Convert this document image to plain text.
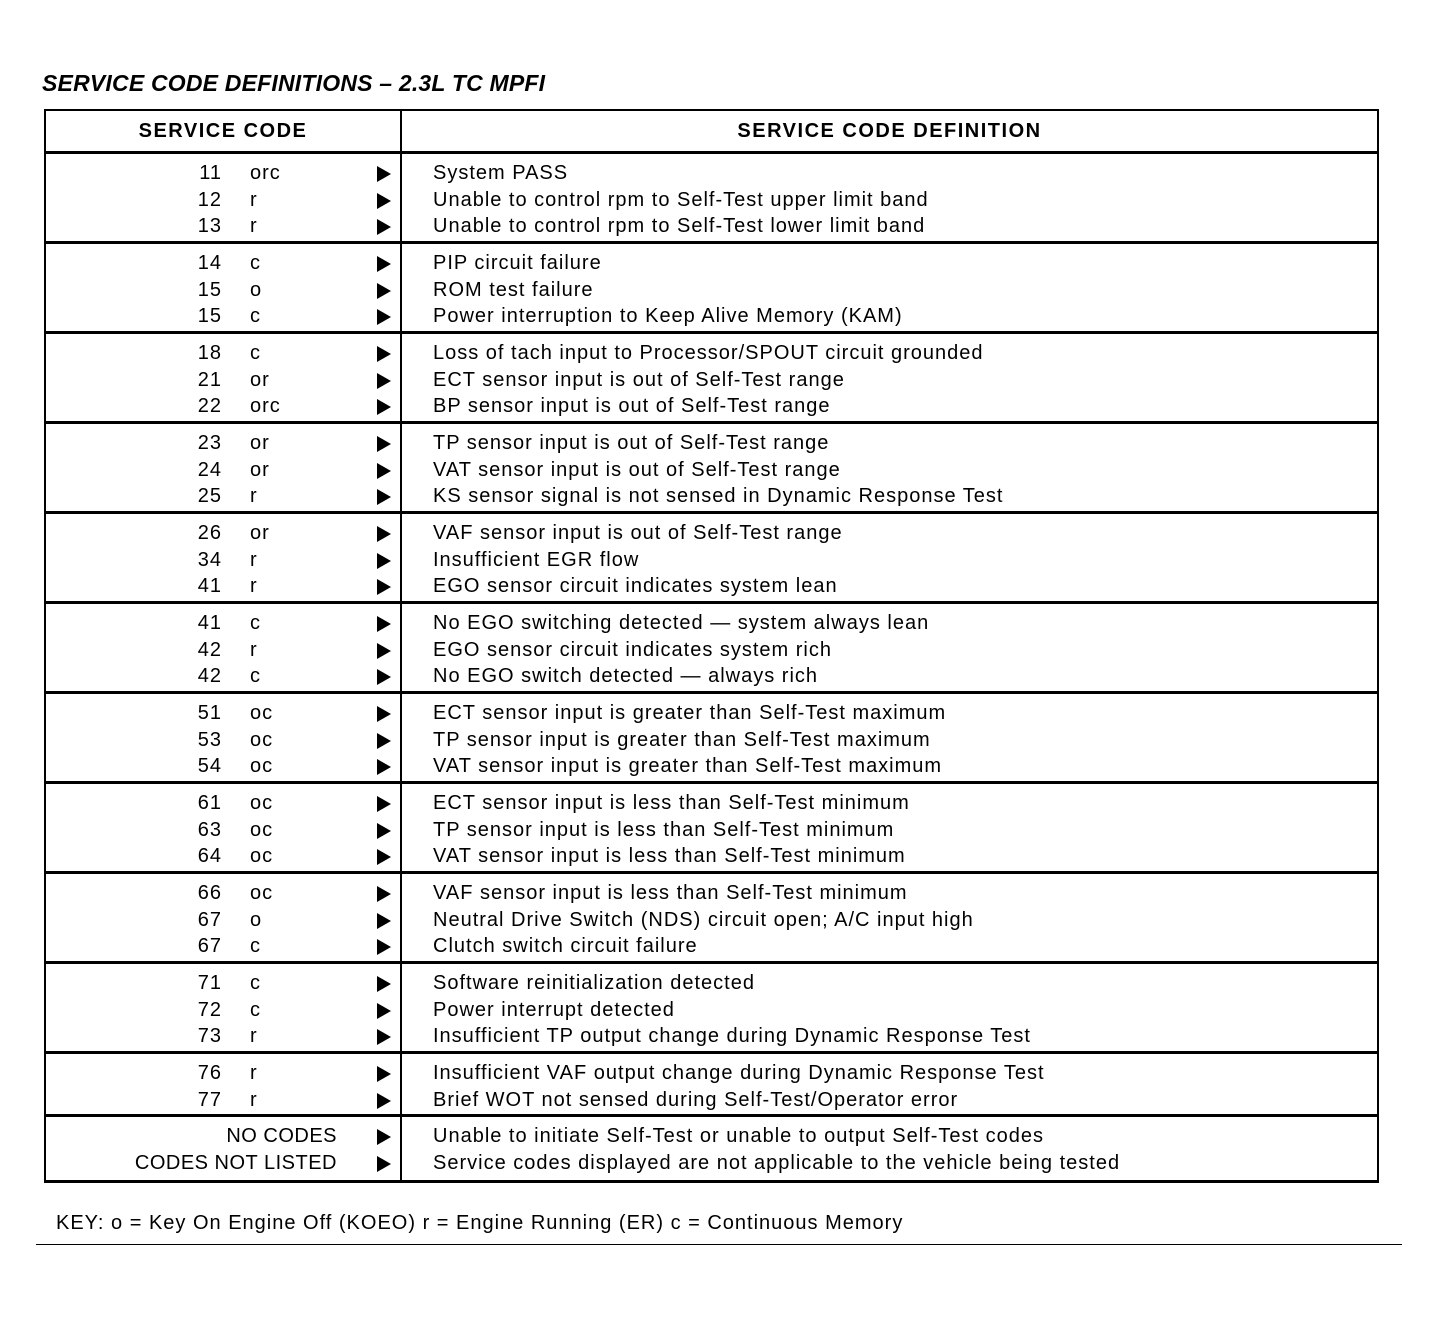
SERVICE CODE DEFINITIONS – 2.3L TC MPFI
SERVICE CODE	SERVICE CODE DEFINITION
11 orc	System PASS
12 r	Unable to control rpm to Self-Test upper limit band
13 r	Unable to control rpm to Self-Test lower limit band
14 c	PIP circuit failure
15 o	ROM test failure
15 c	Power interruption to Keep Alive Memory (KAM)
18 c	Loss of tach input to Processor/SPOUT circuit grounded
21 or	ECT sensor input is out of Self-Test range
22 orc	BP sensor input is out of Self-Test range
23 or	TP sensor input is out of Self-Test range
24 or	VAT sensor input is out of Self-Test range
25 r	KS sensor signal is not sensed in Dynamic Response Test
26 or	VAF sensor input is out of Self-Test range
34 r	Insufficient EGR flow
41 r	EGO sensor circuit indicates system lean
41 c	No EGO switching detected — system always lean
42 r	EGO sensor circuit indicates system rich
42 c	No EGO switch detected — always rich
51 oc	ECT sensor input is greater than Self-Test maximum
53 oc	TP sensor input is greater than Self-Test maximum
54 oc	VAT sensor input is greater than Self-Test maximum
61 oc	ECT sensor input is less than Self-Test minimum
63 oc	TP sensor input is less than Self-Test minimum
64 oc	VAT sensor input is less than Self-Test minimum
66 oc	VAF sensor input is less than Self-Test minimum
67 o	Neutral Drive Switch (NDS) circuit open; A/C input high
67 c	Clutch switch circuit failure
71 c	Software reinitialization detected
72 c	Power interrupt detected
73 r	Insufficient TP output change during Dynamic Response Test
76 r	Insufficient VAF output change during Dynamic Response Test
77 r	Brief WOT not sensed during Self-Test/Operator error
NO CODES	Unable to initiate Self-Test or unable to output Self-Test codes
CODES NOT LISTED	Service codes displayed are not applicable to the vehicle being tested
KEY: o = Key On Engine Off (KOEO) r = Engine Running (ER) c = Continuous Memory
